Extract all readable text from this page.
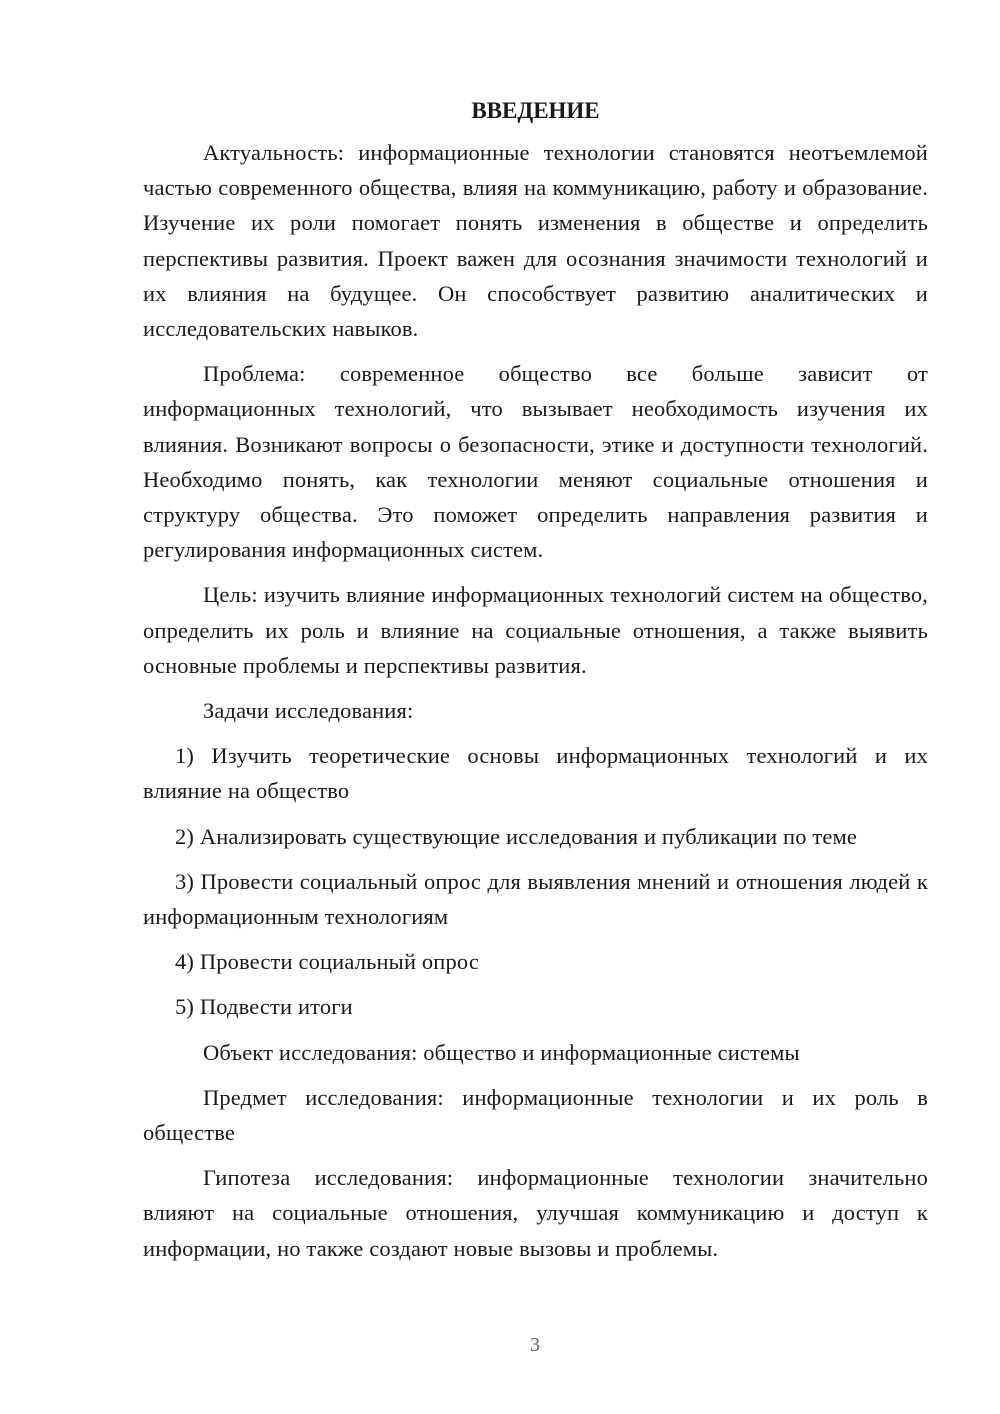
ВВЕДЕНИЕ

Актуальность: информационные технологии становятся неотъемлемой частью современного общества, влияя на коммуникацию, работу и образование. Изучение их роли помогает понять изменения в обществе и определить перспективы развития. Проект важен для осознания значимости технологий и их влияния на будущее. Он способствует развитию аналитических и исследовательских навыков.

Проблема: современное общество все больше зависит от информационных технологий, что вызывает необходимость изучения их влияния. Возникают вопросы о безопасности, этике и доступности технологий. Необходимо понять, как технологии меняют социальные отношения и структуру общества. Это поможет определить направления развития и регулирования информационных систем.

Цель: изучить влияние информационных технологий систем на общество, определить их роль и влияние на социальные отношения, а также выявить основные проблемы и перспективы развития.

Задачи исследования:

1) Изучить теоретические основы информационных технологий и их влияние на общество

2) Анализировать существующие исследования и публикации по теме

3) Провести социальный опрос для выявления мнений и отношения людей к информационным технологиям

4) Провести социальный опрос

5) Подвести итоги

Объект исследования: общество и информационные системы

Предмет исследования: информационные технологии и их роль в обществе

Гипотеза исследования: информационные технологии значительно влияют на социальные отношения, улучшая коммуникацию и доступ к информации, но также создают новые вызовы и проблемы.

3
